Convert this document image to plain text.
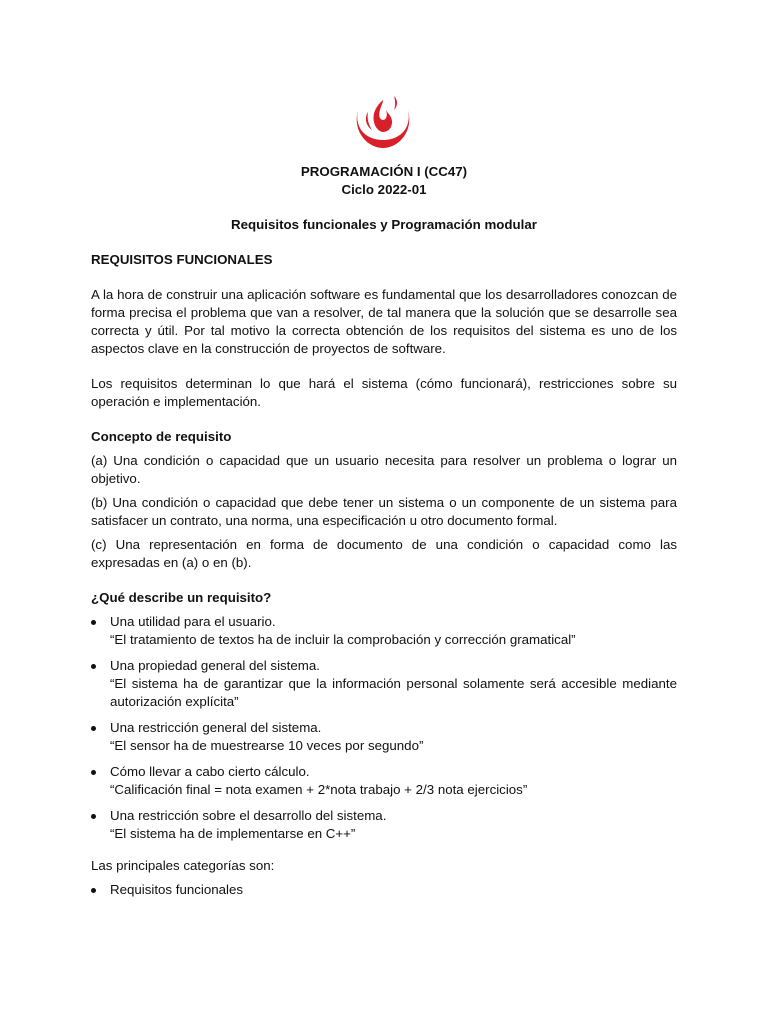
PROGRAMACIÓN I (CC47)

Ciclo 2022-01

Requisitos funcionales y Programación modular

REQUISITOS FUNCIONALES

A la hora de construir una aplicación software es fundamental que los desarrolladores conozcan de forma precisa el problema que van a resolver, de tal manera que la solución que se desarrolle sea correcta y útil. Por tal motivo la correcta obtención de los requisitos del sistema es uno de los aspectos clave en la construcción de proyectos de software.

Los requisitos determinan lo que hará el sistema (cómo funcionará), restricciones sobre su operación e implementación.

Concepto de requisito

(a) Una condición o capacidad que un usuario necesita para resolver un problema o lograr un objetivo.

(b) Una condición o capacidad que debe tener un sistema o un componente de un sistema para satisfacer un contrato, una norma, una especificación u otro documento formal.

(c) Una representación en forma de documento de una condición o capacidad como las expresadas en (a) o en (b).

¿Qué describe un requisito?

Una utilidad para el usuario.
“El tratamiento de textos ha de incluir la comprobación y corrección gramatical”
Una propiedad general del sistema.
“El sistema ha de garantizar que la información personal solamente será accesible mediante autorización explícita”
Una restricción general del sistema.
“El sensor ha de muestrearse 10 veces por segundo”
Cómo llevar a cabo cierto cálculo.
“Calificación final = nota examen + 2*nota trabajo + 2/3 nota ejercicios”
Una restricción sobre el desarrollo del sistema.
“El sistema ha de implementarse en C++”

Las principales categorías son:

Requisitos funcionales
